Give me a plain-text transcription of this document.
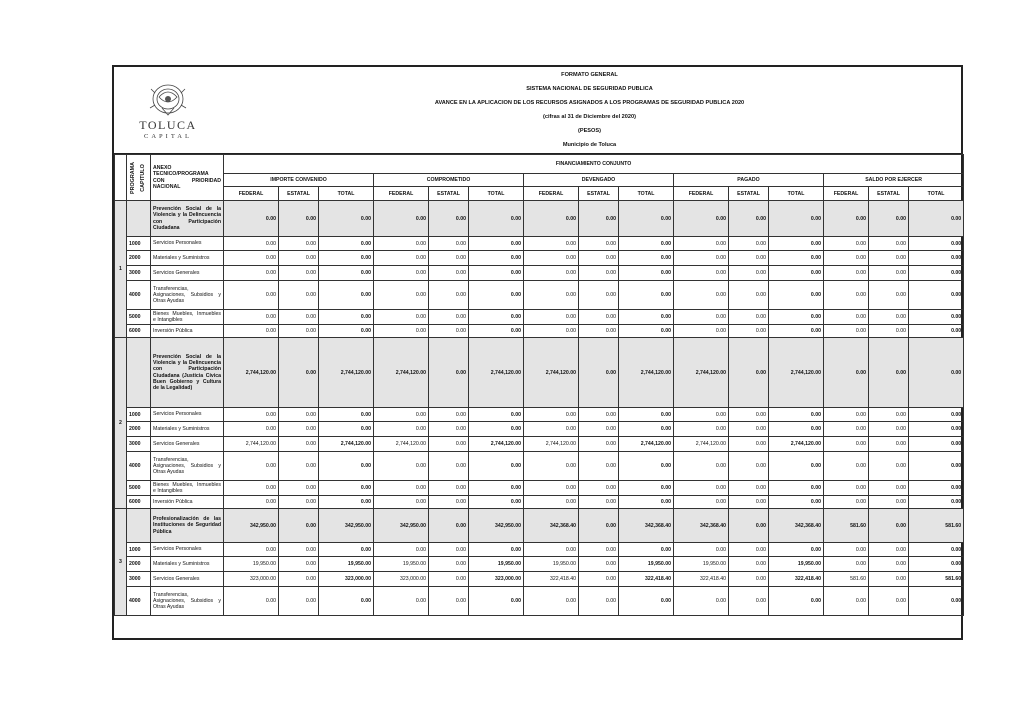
TOLUCA
CAPITAL
FORMATO GENERAL
SISTEMA NACIONAL DE SEGURIDAD PUBLICA
AVANCE EN LA APLICACION DE LOS RECURSOS ASIGNADOS A LOS PROGRAMAS DE SEGURIDAD PUBLICA 2020
(cifras al 31 de Diciembre del 2020)
(PESOS)
Municipio de Toluca
PROGRAMA	CAPITULO	ANEXO TECNICO/PROGRAMA CON PRIORIDAD NACIONAL	FINANCIAMIENTO CONJUNTO														
			IMPORTE CONVENIDO			COMPROMETIDO			DEVENGADO			PAGADO			SALDO POR EJERCER		
			FEDERAL	ESTATAL	TOTAL	FEDERAL	ESTATAL	TOTAL	FEDERAL	ESTATAL	TOTAL	FEDERAL	ESTATAL	TOTAL	FEDERAL	ESTATAL	TOTAL
1		Prevención Social de la Violencia y la Delincuencia con Participación Ciudadana	0.00	0.00	0.00	0.00	0.00	0.00	0.00	0.00	0.00	0.00	0.00	0.00	0.00	0.00	0.00
	1000	Servicios Personales	0.00	0.00	0.00	0.00	0.00	0.00	0.00	0.00	0.00	0.00	0.00	0.00	0.00	0.00	0.00
	2000	Materiales y Suministros	0.00	0.00	0.00	0.00	0.00	0.00	0.00	0.00	0.00	0.00	0.00	0.00	0.00	0.00	0.00
	3000	Servicios Generales	0.00	0.00	0.00	0.00	0.00	0.00	0.00	0.00	0.00	0.00	0.00	0.00	0.00	0.00	0.00
	4000	Transferencias, Asignaciones, Subsidios y Otras Ayudas	0.00	0.00	0.00	0.00	0.00	0.00	0.00	0.00	0.00	0.00	0.00	0.00	0.00	0.00	0.00
	5000	Bienes Muebles, Inmuebles e Intangibles	0.00	0.00	0.00	0.00	0.00	0.00	0.00	0.00	0.00	0.00	0.00	0.00	0.00	0.00	0.00
	6000	Inversión Pública	0.00	0.00	0.00	0.00	0.00	0.00	0.00	0.00	0.00	0.00	0.00	0.00	0.00	0.00	0.00
2		Prevención Social de la Violencia y la Delincuencia con Participación Ciudadana (Justicia Cívica Buen Gobierno y Cultura de la Legalidad)	2,744,120.00	0.00	2,744,120.00	2,744,120.00	0.00	2,744,120.00	2,744,120.00	0.00	2,744,120.00	2,744,120.00	0.00	2,744,120.00	0.00	0.00	0.00
	1000	Servicios Personales	0.00	0.00	0.00	0.00	0.00	0.00	0.00	0.00	0.00	0.00	0.00	0.00	0.00	0.00	0.00
	2000	Materiales y Suministros	0.00	0.00	0.00	0.00	0.00	0.00	0.00	0.00	0.00	0.00	0.00	0.00	0.00	0.00	0.00
	3000	Servicios Generales	2,744,120.00	0.00	2,744,120.00	2,744,120.00	0.00	2,744,120.00	2,744,120.00	0.00	2,744,120.00	2,744,120.00	0.00	2,744,120.00	0.00	0.00	0.00
	4000	Transferencias, Asignaciones, Subsidios y Otras Ayudas	0.00	0.00	0.00	0.00	0.00	0.00	0.00	0.00	0.00	0.00	0.00	0.00	0.00	0.00	0.00
	5000	Bienes Muebles, Inmuebles e Intangibles	0.00	0.00	0.00	0.00	0.00	0.00	0.00	0.00	0.00	0.00	0.00	0.00	0.00	0.00	0.00
	6000	Inversión Pública	0.00	0.00	0.00	0.00	0.00	0.00	0.00	0.00	0.00	0.00	0.00	0.00	0.00	0.00	0.00
3		Profesionalización de las Instituciones de Seguridad Pública	342,950.00	0.00	342,950.00	342,950.00	0.00	342,950.00	342,368.40	0.00	342,368.40	342,368.40	0.00	342,368.40	581.60	0.00	581.60
	1000	Servicios Personales	0.00	0.00	0.00	0.00	0.00	0.00	0.00	0.00	0.00	0.00	0.00	0.00	0.00	0.00	0.00
	2000	Materiales y Suministros	19,950.00	0.00	19,950.00	19,950.00	0.00	19,950.00	19,950.00	0.00	19,950.00	19,950.00	0.00	19,950.00	0.00	0.00	0.00
	3000	Servicios Generales	323,000.00	0.00	323,000.00	323,000.00	0.00	323,000.00	322,418.40	0.00	322,418.40	322,418.40	0.00	322,418.40	581.60	0.00	581.60
	4000	Transferencias, Asignaciones, Subsidios y Otras Ayudas	0.00	0.00	0.00	0.00	0.00	0.00	0.00	0.00	0.00	0.00	0.00	0.00	0.00	0.00	0.00
